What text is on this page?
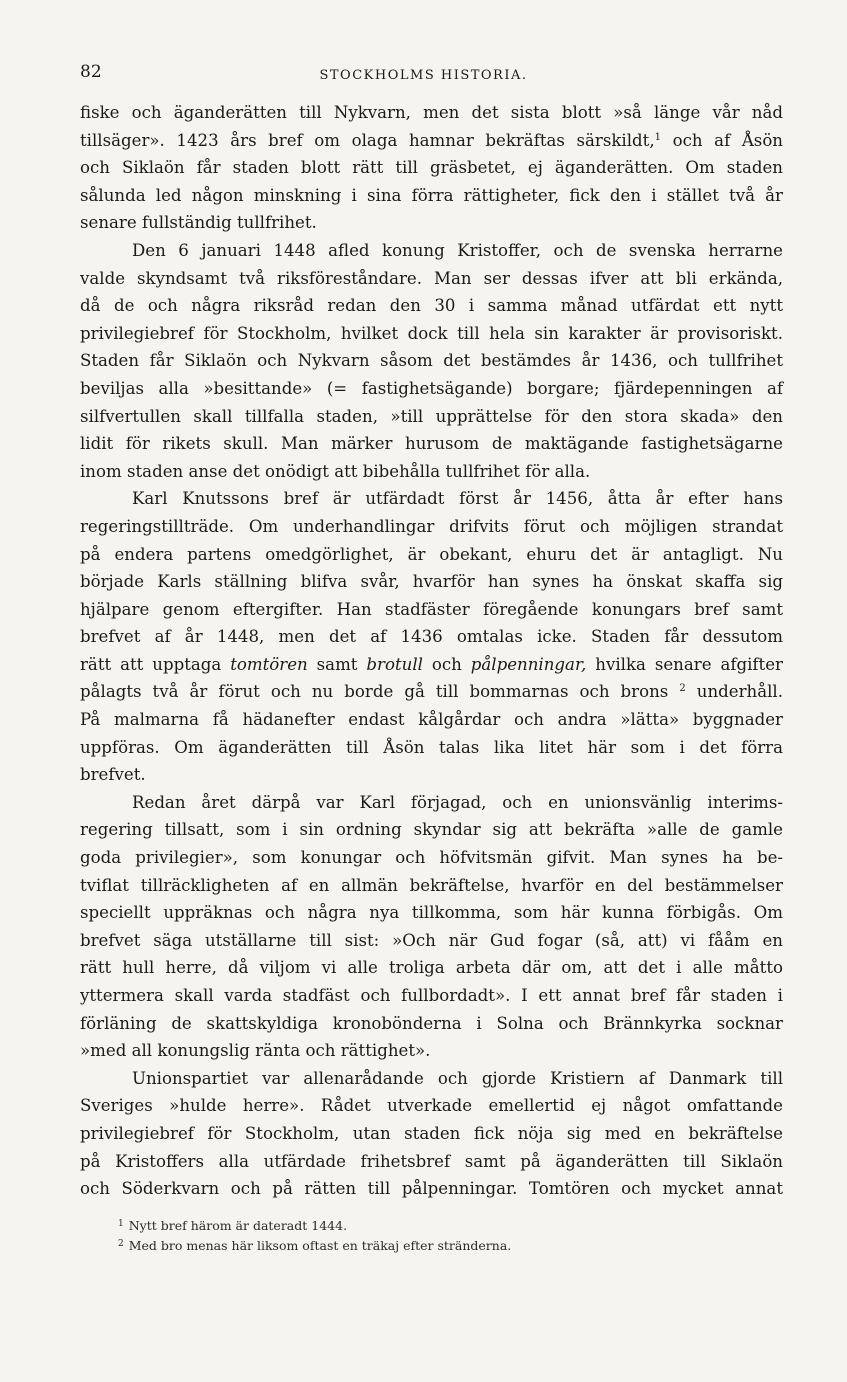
82	STOCKHOLMS HISTORIA.
fiske och äganderätten till Nykvarn, men det sista blott »så länge vår nåd
tillsäger». 1423 års bref om olaga hamnar bekräftas särskildt,$^1$ och af Åsön
och Siklaön får staden blott rätt till gräsbetet, ej äganderätten. Om staden
sålunda led någon minskning i sina förra rättigheter, fick den i stället två år
senare fullständig tullfrihet.
Den 6 januari 1448 afled konung Kristoffer, och de svenska herrarne
valde skyndsamt två riksföreståndare. Man ser dessas ifver att bli erkända,
då de och några riksråd redan den 30 i samma månad utfärdat ett nytt
privilegiebref för Stockholm, hvilket dock till hela sin karakter är provisoriskt.
Staden får Siklaön och Nykvarn såsom det bestämdes år 1436, och tullfrihet
beviljas alla »besittande» (= fastighetsägande) borgare; fjärdepenningen af
silfvertullen skall tillfalla staden, »till upprättelse för den stora skada» den
lidit för rikets skull. Man märker hurusom de maktägande fastighetsägarne
inom staden anse det onödigt att bibehålla tullfrihet för alla.
Karl Knutssons bref är utfärdadt först år 1456, åtta år efter hans
regeringstillträde. Om underhandlingar drifvits förut och möjligen strandat
på endera partens omedgörlighet, är obekant, ehuru det är antagligt. Nu
började Karls ställning blifva svår, hvarför han synes ha önskat skaffa sig
hjälpare genom eftergifter. Han stadfäster föregående konungars bref samt
brefvet af år 1448, men det af 1436 omtalas icke. Staden får dessutom
rätt att upptaga tomtören samt brotull och pålpenningar, hvilka senare afgifter
pålagts två år förut och nu borde gå till bommarnas och brons $^2$ underhåll.
På malmarna få hädanefter endast kålgårdar och andra »lätta» byggnader
uppföras. Om äganderätten till Åsön talas lika litet här som i det förra
brefvet.
Redan året därpå var Karl förjagad, och en unionsvänlig interims-
regering tillsatt, som i sin ordning skyndar sig att bekräfta »alle de gamle
goda privilegier», som konungar och höfvitsmän gifvit. Man synes ha be-
tviflat tillräckligheten af en allmän bekräftelse, hvarför en del bestämmelser
speciellt uppräknas och några nya tillkomma, som här kunna förbigås. Om
brefvet säga utställarne till sist: »Och när Gud fogar (så, att) vi fååm en
rätt hull herre, då viljom vi alle troliga arbeta där om, att det i alle måtto
yttermera skall varda stadfäst och fullbordadt». I ett annat bref får staden i
förläning de skattskyldiga kronobönderna i Solna och Brännkyrka socknar
»med all konungslig ränta och rättighet».
Unionspartiet var allenarådande och gjorde Kristiern af Danmark till
Sveriges »hulde herre». Rådet utverkade emellertid ej något omfattande
privilegiebref för Stockholm, utan staden fick nöja sig med en bekräftelse
på Kristoffers alla utfärdade frihetsbref samt på äganderätten till Siklaön
och Söderkvarn och på rätten till pålpenningar. Tomtören och mycket annat
$^1$ Nytt bref härom är dateradt 1444.
$^2$ Med bro menas här liksom oftast en träkaj efter stränderna.
